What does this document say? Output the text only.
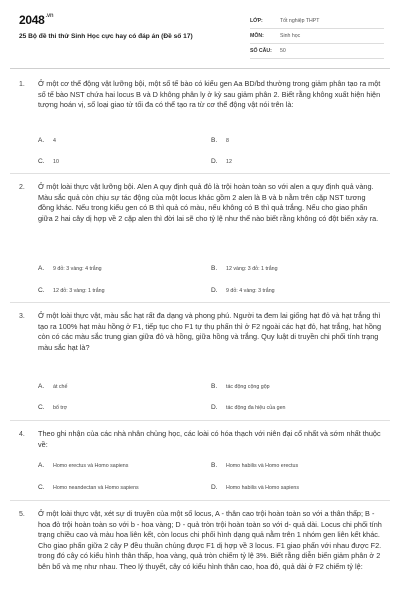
$2048^{.vn}$
25 Bộ đề thi thử Sinh Học cực hay có đáp án (Đề số 17)
LỚP:	Tốt nghiệp THPT
MÔN:	Sinh học
SỐ CÂU:	50
1. Ở một cơ thể động vật lưỡng bội, một số tế bào có kiểu gen Aa BD/bd thường trong giảm phân tạo ra một số tế bào NST chứa hai locus B và D không phân ly ở kỳ sau giảm phân 2. Biết rằng không xuất hiện hiện tượng hoán vị, số loại giao tử tối đa có thể tạo ra từ cơ thể động vật nói trên là:
A. 4	B. 8
C. 10	D. 12
2. Ở một loài thực vật lưỡng bội. Alen A quy định quả đỏ là trội hoàn toàn so với alen a quy định quả vàng. Màu sắc quả còn chịu sự tác động của một locus khác gồm 2 alen là B và b nằm trên cặp NST tương đồng khác. Nếu trong kiểu gen có B thì quả có màu, nếu không có B thì quả trắng. Nếu cho giao phấn giữa 2 hai cây dị hợp về 2 cặp alen thì đời lai sẽ cho tỷ lệ như thế nào biết rằng không có đột biến xảy ra.
A. 9 đỏ: 3 vàng: 4 trắng	B. 12 vàng: 3 đỏ: 1 trắng
C. 12 đỏ: 3 vàng: 1 trắng	D. 9 đỏ: 4 vàng: 3 trắng
3. Ở một loài thực vật, màu sắc hạt rất đa dạng và phong phú. Người ta đem lai giống hạt đỏ và hạt trắng thì tạo ra 100% hạt màu hồng ở F1, tiếp tục cho F1 tự thụ phấn thì ở F2 ngoài các hạt đỏ, hạt trắng, hạt hồng còn có các màu sắc trung gian giữa đỏ và hồng, giữa hồng và trắng. Quy luật di truyền chi phối tính trạng màu sắc hạt là?
A. át chế	B. tác động cộng gộp
C. bổ trợ	D. tác động đa hiệu của gen
4. Theo ghi nhận của các nhà nhân chủng học, các loài có hóa thạch với niên đại cổ nhất và sớm nhất thuộc về:
A. Homo erectus và Homo sapiens	B. Homo habilis và Homo erectus
C. Homo neandectan và Homo sapiens	D. Homo habilis và Homo sapiens
5. Ở một loài thực vật, xét sự di truyền của một số locus, A - thân cao trội hoàn toàn so với a thân thấp; B - hoa đỏ trội hoàn toàn so với b - hoa vàng; D - quả tròn trội hoàn toàn so với d- quả dài. Locus chi phối tính trạng chiều cao và màu hoa liên kết, còn locus chi phối hình dạng quả nằm trên 1 nhóm gen liên kết khác. Cho giao phấn giữa 2 cây P đều thuần chủng được F1 dị hợp về 3 locus. F1 giao phấn với nhau được F2. trong đó cây có kiểu hình thân thấp, hoa vàng, quả tròn chiếm tỷ lệ 3%. Biết rằng diễn biến giảm phân ở 2 bên bố và mẹ như nhau. Theo lý thuyết, cây có kiểu hình thân cao, hoa đỏ, quả dài ở F2 chiếm tỷ lệ:
